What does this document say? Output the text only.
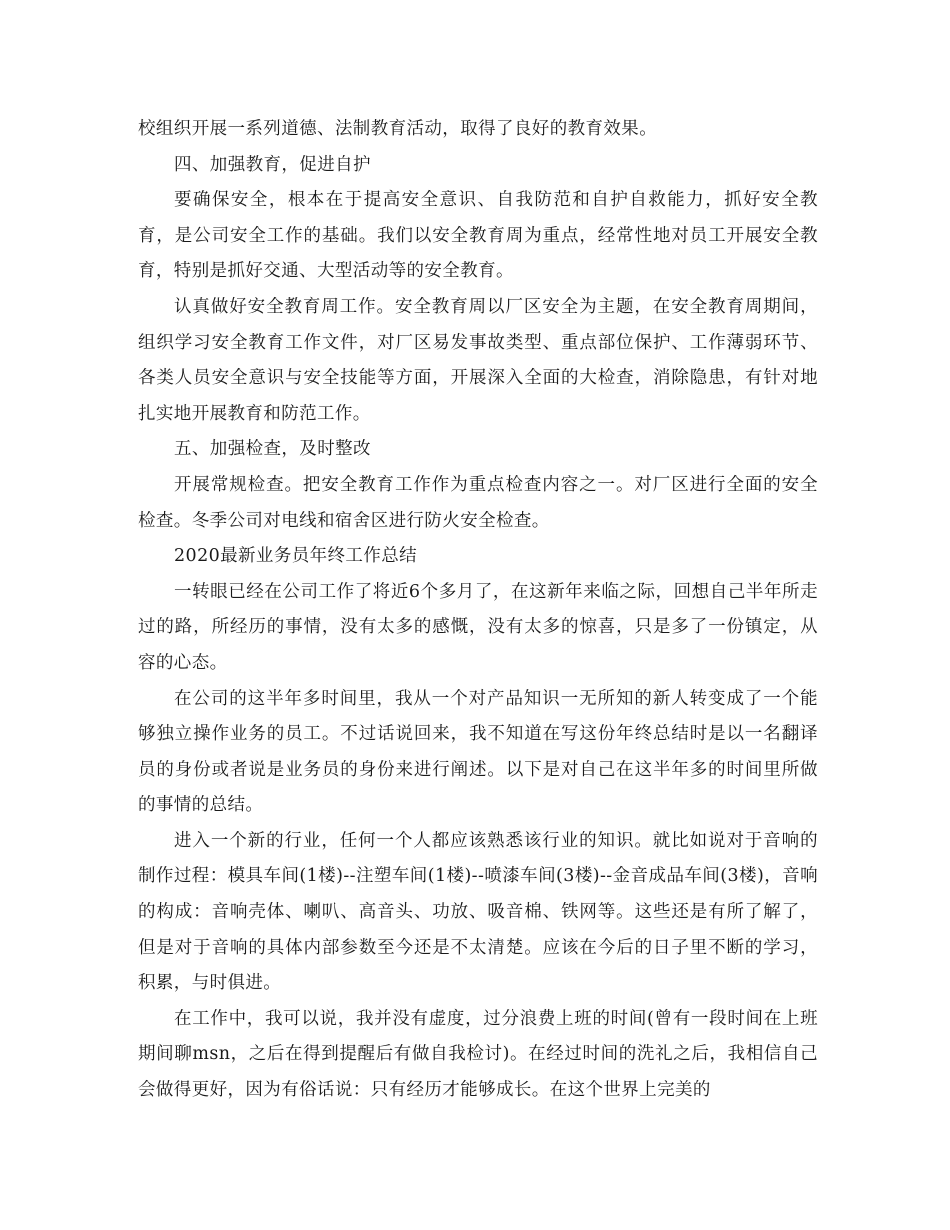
校组织开展一系列道德、法制教育活动，取得了良好的教育效果。

四、加强教育，促进自护

要确保安全，根本在于提高安全意识、自我防范和自护自救能力，抓好安全教育，是公司安全工作的基础。我们以安全教育周为重点，经常性地对员工开展安全教育，特别是抓好交通、大型活动等的安全教育。

认真做好安全教育周工作。安全教育周以厂区安全为主题，在安全教育周期间，组织学习安全教育工作文件，对厂区易发事故类型、重点部位保护、工作薄弱环节、各类人员安全意识与安全技能等方面，开展深入全面的大检查，消除隐患，有针对地扎实地开展教育和防范工作。

五、加强检查，及时整改

开展常规检查。把安全教育工作作为重点检查内容之一。对厂区进行全面的安全检查。冬季公司对电线和宿舍区进行防火安全检查。

2020最新业务员年终工作总结

一转眼已经在公司工作了将近6个多月了，在这新年来临之际，回想自己半年所走过的路，所经历的事情，没有太多的感慨，没有太多的惊喜，只是多了一份镇定，从容的心态。

在公司的这半年多时间里，我从一个对产品知识一无所知的新人转变成了一个能够独立操作业务的员工。不过话说回来，我不知道在写这份年终总结时是以一名翻译员的身份或者说是业务员的身份来进行阐述。以下是对自己在这半年多的时间里所做的事情的总结。

进入一个新的行业，任何一个人都应该熟悉该行业的知识。就比如说对于音响的制作过程：模具车间(1楼)--注塑车间(1楼)--喷漆车间(3楼)--金音成品车间(3楼)，音响的构成：音响壳体、喇叭、高音头、功放、吸音棉、铁网等。这些还是有所了解了，但是对于音响的具体内部参数至今还是不太清楚。应该在今后的日子里不断的学习，积累，与时俱进。

在工作中，我可以说，我并没有虚度，过分浪费上班的时间(曾有一段时间在上班期间聊msn，之后在得到提醒后有做自我检讨)。在经过时间的洗礼之后，我相信自己会做得更好，因为有俗话说：只有经历才能够成长。在这个世界上完美的
